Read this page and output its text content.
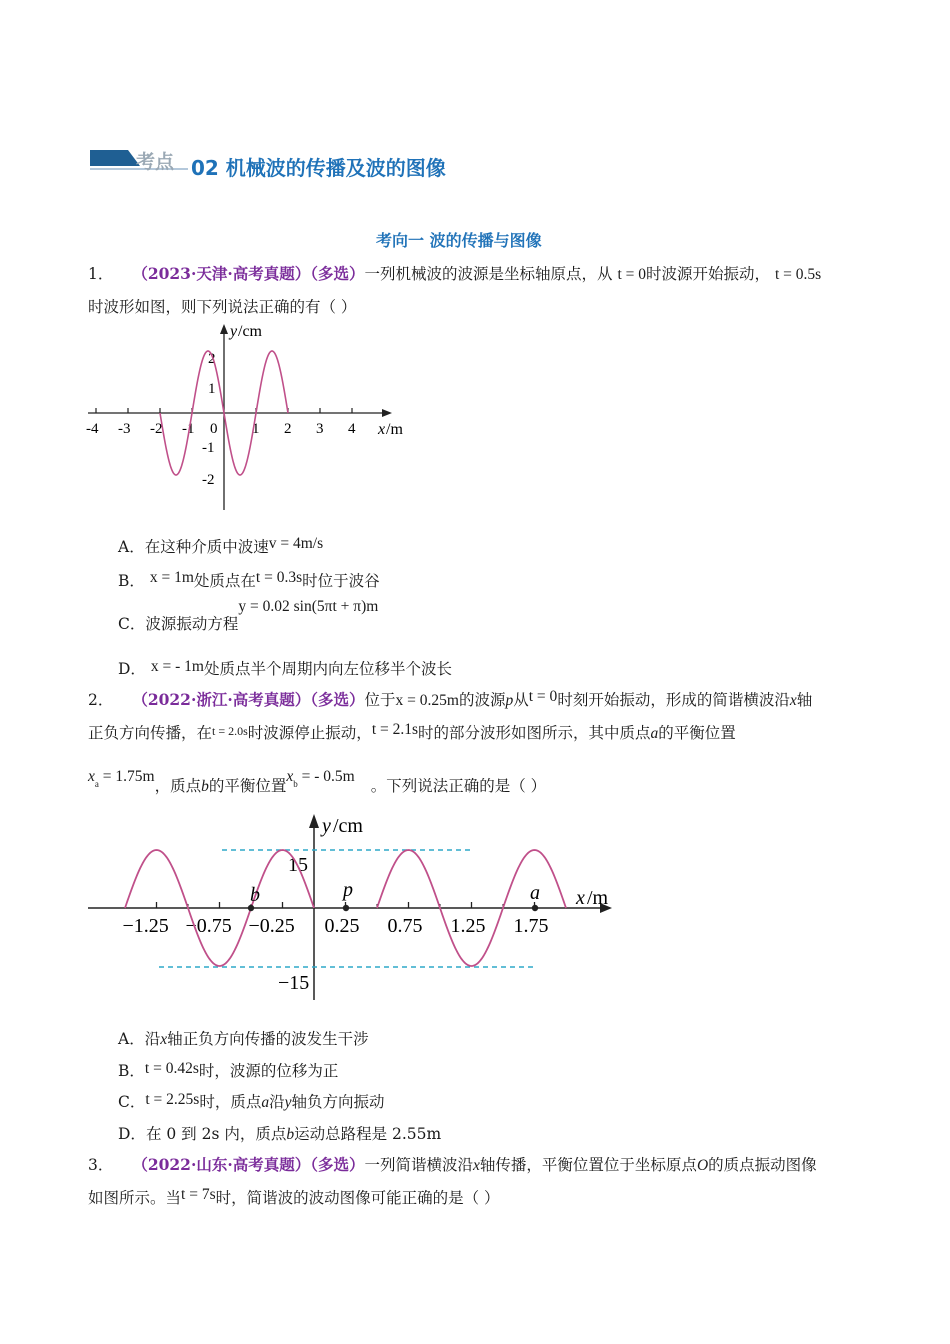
考点 02 机械波的传播及波的图像
考向一 波的传播与图像
1． （2023·天津·高考真题）（多选）一列机械波的波源是坐标轴原点，从 t = 0时波源开始振动， t = 0.5s
时波形如图，则下列说法正确的有（ ）
y /cm
x /m
-4 -3 -2 -1 0 1 2 3 4
2
1
-1
-2
A．在这种介质中波速v = 4m/s
B． x = 1m处质点在t = 0.3s时位于波谷
C．波源振动方程y = 0.02 sin(5πt + π)m
D． x = - 1m处质点半个周期内向左位移半个波长
2． （2022·浙江·高考真题）（多选）位于x = 0.25m的波源p从t = 0时刻开始振动，形成的简谐横波沿x轴
正负方向传播，在t = 2.0s时波源停止振动，t = 2.1s时的部分波形如图所示，其中质点a的平衡位置
$x^a = 1.75m$，质点b的平衡位置$x^b$ = - 0.5m。下列说法正确的是（ ）
y /cm
x /m
15
−15
−1.25 −0.75 −0.25 0.25 0.75 1.25 1.75
b	p	a
A．沿x轴正负方向传播的波发生干涉
B．t = 0.42s时，波源的位移为正
C．t = 2.25s时，质点a沿y轴负方向振动
D．在 0 到 2s 内，质点b运动总路程是 2.55m
3． （2022·山东·高考真题）（多选）一列简谐横波沿x轴传播，平衡位置位于坐标原点O的质点振动图像
如图所示。当t = 7s时，简谐波的波动图像可能正确的是（ ）
